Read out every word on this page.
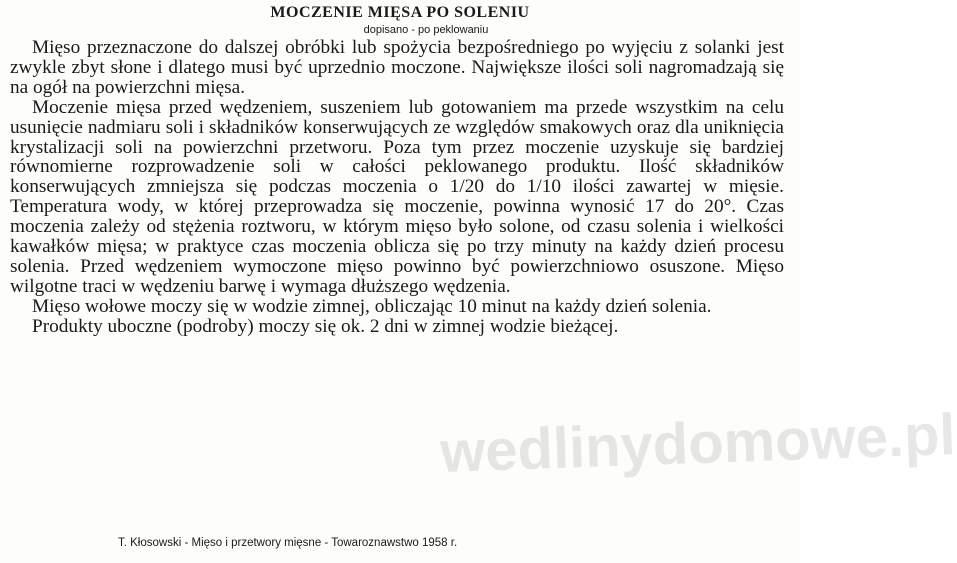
MOCZENIE MIĘSA PO SOLENIU
dopisano - po peklowaniu

Mięso przeznaczone do dalszej obróbki lub spożycia bezpośredniego po wyjęciu z solanki jest zwykle zbyt słone i dlatego musi być uprzednio moczone. Największe ilości soli nagromadzają się na ogół na powierzchni mięsa.

Moczenie mięsa przed wędzeniem, suszeniem lub gotowaniem ma przede wszystkim na celu usunięcie nadmiaru soli i składników konserwujących ze względów smakowych oraz dla uniknięcia krystalizacji soli na powierzchni przetworu. Poza tym przez moczenie uzyskuje się bardziej równomierne rozprowadzenie soli w całości peklowanego produktu. Ilość składników konserwujących zmniejsza się podczas moczenia o 1/20 do 1/10 ilości zawartej w mięsie. Temperatura wody, w której przeprowadza się moczenie, powinna wynosić 17 do 20°. Czas moczenia zależy od stężenia roztworu, w którym mięso było solone, od czasu solenia i wielkości kawałków mięsa; w praktyce czas moczenia oblicza się po trzy minuty na każdy dzień procesu solenia. Przed wędzeniem wymoczone mięso powinno być powierzchniowo osuszone. Mięso wilgotne traci w wędzeniu barwę i wymaga dłuższego wędzenia.

Mięso wołowe moczy się w wodzie zimnej, obliczając 10 minut na każdy dzień solenia.

Produkty uboczne (podroby) moczy się ok. 2 dni w zimnej wodzie bieżącej.

wedlinydomowe.pl
T. Kłosowski - Mięso i przetwory mięsne - Towaroznawstwo 1958 r.
